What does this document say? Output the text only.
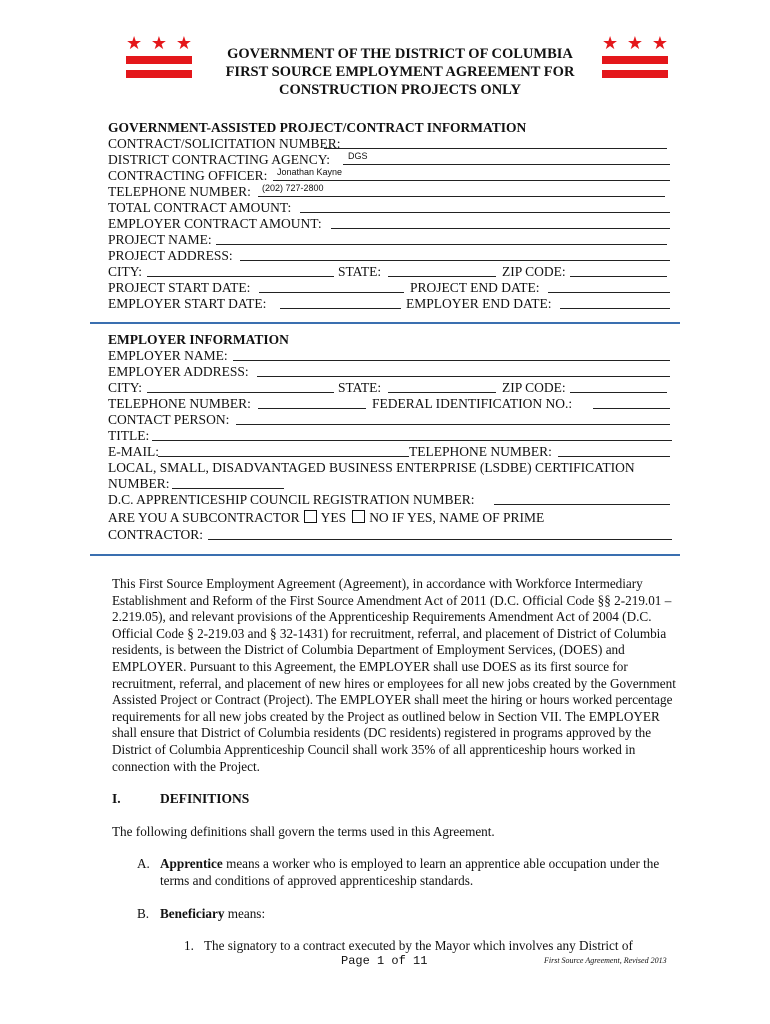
★ ★ ★	★ ★ ★
GOVERNMENT OF THE DISTRICT OF COLUMBIA
FIRST SOURCE EMPLOYMENT AGREEMENT FOR
CONSTRUCTION PROJECTS ONLY
GOVERNMENT-ASSISTED PROJECT/CONTRACT INFORMATION
CONTRACT/SOLICITATION NUMBER:
DISTRICT CONTRACTING AGENCY: DGS
CONTRACTING OFFICER: Jonathan Kayne
TELEPHONE NUMBER: (202) 727-2800
TOTAL CONTRACT AMOUNT:
EMPLOYER CONTRACT AMOUNT:
PROJECT NAME:
PROJECT ADDRESS:
CITY:	STATE:	ZIP CODE:
PROJECT START DATE:	PROJECT END DATE:
EMPLOYER START DATE:	EMPLOYER END DATE:
EMPLOYER INFORMATION
EMPLOYER NAME:
EMPLOYER ADDRESS:
CITY:	STATE:	ZIP CODE:
TELEPHONE NUMBER:	FEDERAL IDENTIFICATION NO.:
CONTACT PERSON:
TITLE:
E-MAIL:	TELEPHONE NUMBER:
LOCAL, SMALL, DISADVANTAGED BUSINESS ENTERPRISE (LSDBE) CERTIFICATION
NUMBER:
D.C. APPRENTICESHIP COUNCIL REGISTRATION NUMBER:
ARE YOU A SUBCONTRACTOR YES NO IF YES, NAME OF PRIME
CONTRACTOR:

This First Source Employment Agreement (Agreement), in accordance with Workforce Intermediary Establishment and Reform of the First Source Amendment Act of 2011 (D.C. Official Code §§ 2-219.01 – 2.219.05), and relevant provisions of the Apprenticeship Requirements Amendment Act of 2004 (D.C. Official Code § 2-219.03 and § 32-1431) for recruitment, referral, and placement of District of Columbia residents, is between the District of Columbia Department of Employment Services, (DOES) and EMPLOYER. Pursuant to this Agreement, the EMPLOYER shall use DOES as its first source for recruitment, referral, and placement of new hires or employees for all new jobs created by the Government Assisted Project or Contract (Project). The EMPLOYER shall meet the hiring or hours worked percentage requirements for all new jobs created by the Project as outlined below in Section VII. The EMPLOYER shall ensure that District of Columbia residents (DC residents) registered in programs approved by the District of Columbia Apprenticeship Council shall work 35% of all apprenticeship hours worked in connection with the Project.

I.	DEFINITIONS
The following definitions shall govern the terms used in this Agreement.
A. Apprentice means a worker who is employed to learn an apprentice able occupation under the terms and conditions of approved apprenticeship standards.
B. Beneficiary means:
1. The signatory to a contract executed by the Mayor which involves any District of
Page 1 of 11	First Source Agreement, Revised 2013
